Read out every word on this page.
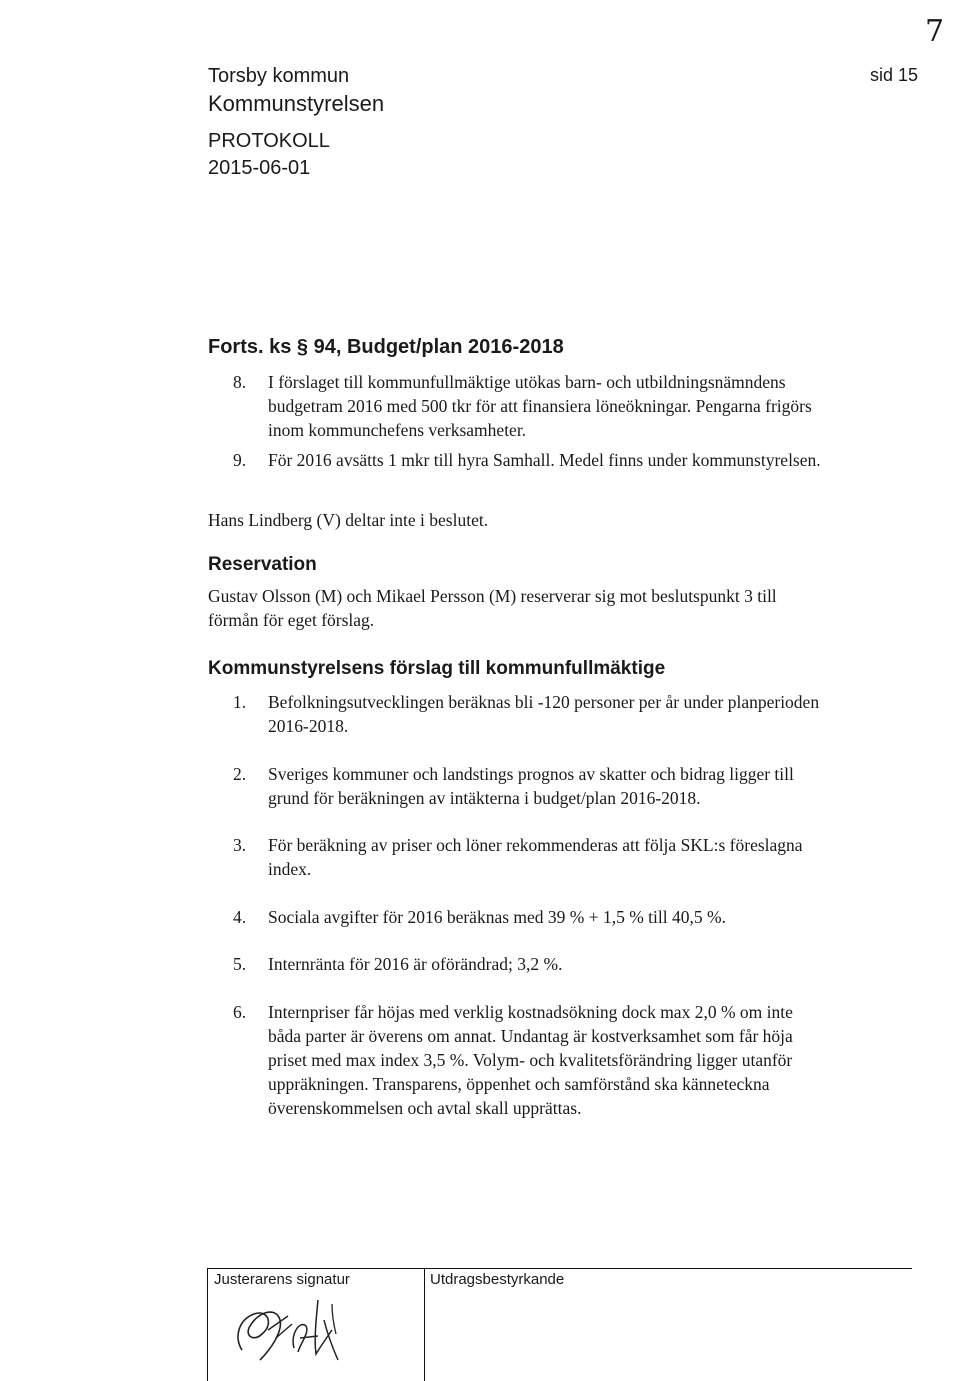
Torsby kommun
Kommunstyrelsen
PROTOKOLL
2015-06-01
sid 15
7
Forts. ks § 94, Budget/plan 2016-2018
8.	I förslaget till kommunfullmäktige utökas barn- och utbildningsnämndens
budgetram 2016 med 500 tkr för att finansiera löneökningar. Pengarna frigörs
inom kommunchefens verksamheter.
9.	För 2016 avsätts 1 mkr till hyra Samhall. Medel finns under kommunstyrelsen.
Hans Lindberg (V) deltar inte i beslutet.
Reservation
Gustav Olsson (M) och Mikael Persson (M) reserverar sig mot beslutspunkt 3 till
förmån för eget förslag.
Kommunstyrelsens förslag till kommunfullmäktige
1.	Befolkningsutvecklingen beräknas bli -120 personer per år under planperioden
2016-2018.
2.	Sveriges kommuner och landstings prognos av skatter och bidrag ligger till
grund för beräkningen av intäkterna i budget/plan 2016-2018.
3.	För beräkning av priser och löner rekommenderas att följa SKL:s föreslagna
index.
4.	Sociala avgifter för 2016 beräknas med 39 % + 1,5 % till 40,5 %.
5.	Internränta för 2016 är oförändrad; 3,2 %.
6.	Internpriser får höjas med verklig kostnadsökning dock max 2,0 % om inte
båda parter är överens om annat. Undantag är kostverksamhet som får höja
priset med max index 3,5 %. Volym- och kvalitetsförändring ligger utanför
uppräkningen. Transparens, öppenhet och samförstånd ska känneteckna
överenskommelsen och avtal skall upprättas.
Justerarens signatur	Utdragsbestyrkande
